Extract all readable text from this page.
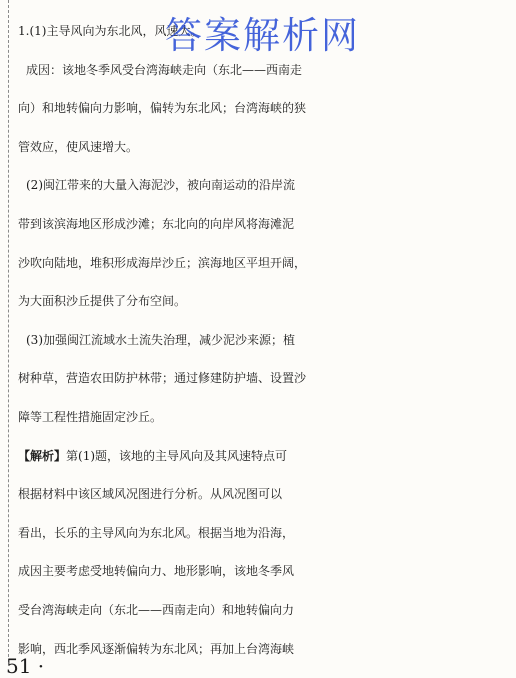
1.(1)主导风向为东北风，风速大。
成因：该地冬季风受台湾海峡走向（东北——西南走
向）和地转偏向力影响，偏转为东北风；台湾海峡的狭
管效应，使风速增大。
(2)闽江带来的大量入海泥沙，被向南运动的沿岸流
带到该滨海地区形成沙滩；东北向的向岸风将海滩泥
沙吹向陆地，堆积形成海岸沙丘；滨海地区平坦开阔，
为大面积沙丘提供了分布空间。
(3)加强闽江流域水土流失治理，减少泥沙来源；植
树种草，营造农田防护林带；通过修建防护墙、设置沙
障等工程性措施固定沙丘。
【解析】第(1)题，该地的主导风向及其风速特点可
根据材料中该区域风况图进行分析。从风况图可以
看出，长乐的主导风向为东北风。根据当地为沿海，
成因主要考虑受地转偏向力、地形影响，该地冬季风
受台湾海峡走向（东北——西南走向）和地转偏向力
影响，西北季风逐渐偏转为东北风；再加上台湾海峡
答案解析网
51 ·
